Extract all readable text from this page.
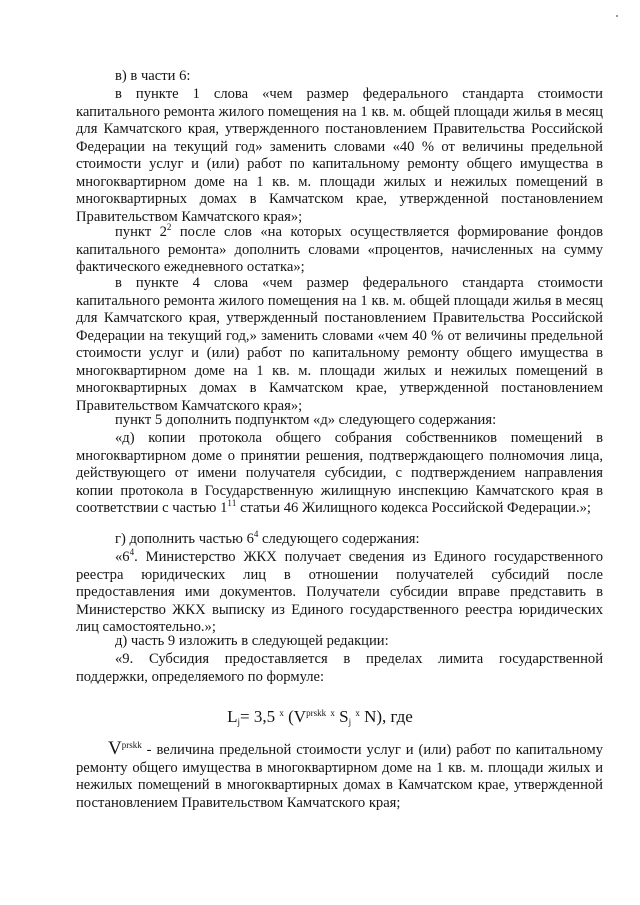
в) в части 6:

в пункте 1 слова «чем размер федерального стандарта стоимости капитального ремонта жилого помещения на 1 кв. м. общей площади жилья в месяц для Камчатского края, утвержденного постановлением Правительства Российской Федерации на текущий год» заменить словами «40 % от величины предельной стоимости услуг и (или) работ по капитальному ремонту общего имущества в многоквартирном доме на 1 кв. м. площади жилых и нежилых помещений в многоквартирных домах в Камчатском крае, утвержденной постановлением Правительством Камчатского края»;

пункт $2^2$ после слов «на которых осуществляется формирование фондов капитального ремонта» дополнить словами «процентов, начисленных на сумму фактического ежедневного остатка»;

в пункте 4 слова «чем размер федерального стандарта стоимости капитального ремонта жилого помещения на 1 кв. м. общей площади жилья в месяц для Камчатского края, утвержденный постановлением Правительства Российской Федерации на текущий год,» заменить словами «чем 40 % от величины предельной стоимости услуг и (или) работ по капитальному ремонту общего имущества в многоквартирном доме на 1 кв. м. площади жилых и нежилых помещений в многоквартирных домах в Камчатском крае, утвержденной постановлением Правительством Камчатского края»;

пункт 5 дополнить подпунктом «д» следующего содержания:

«д) копии протокола общего собрания собственников помещений в многоквартирном доме о принятии решения, подтверждающего полномочия лица, действующего от имени получателя субсидии, с подтверждением направления копии протокола в Государственную жилищную инспекцию Камчатского края в соответствии с частью $1^{11}$ статьи 46 Жилищного кодекса Российской Федерации.»;

г) дополнить частью $6^4$ следующего содержания:

«$6^4$. Министерство ЖКХ получает сведения из Единого государственного реестра юридических лиц в отношении получателей субсидий после предоставления ими документов. Получатели субсидии вправе представить в Министерство ЖКХ выписку из Единого государственного реестра юридических лиц самостоятельно.»;

д) часть 9 изложить в следующей редакции:

«9. Субсидия предоставляется в пределах лимита государственной поддержки, определяемого по формуле:

$L_j= 3,5$ $^x$ ($V^{prskk}$ $^x$ $S_j$ $^x$ N), где

$V^{prskk}$ - величина предельной стоимости услуг и (или) работ по капитальному ремонту общего имущества в многоквартирном доме на 1 кв. м. площади жилых и нежилых помещений в многоквартирных домах в Камчатском крае, утвержденной постановлением Правительством Камчатского края;
